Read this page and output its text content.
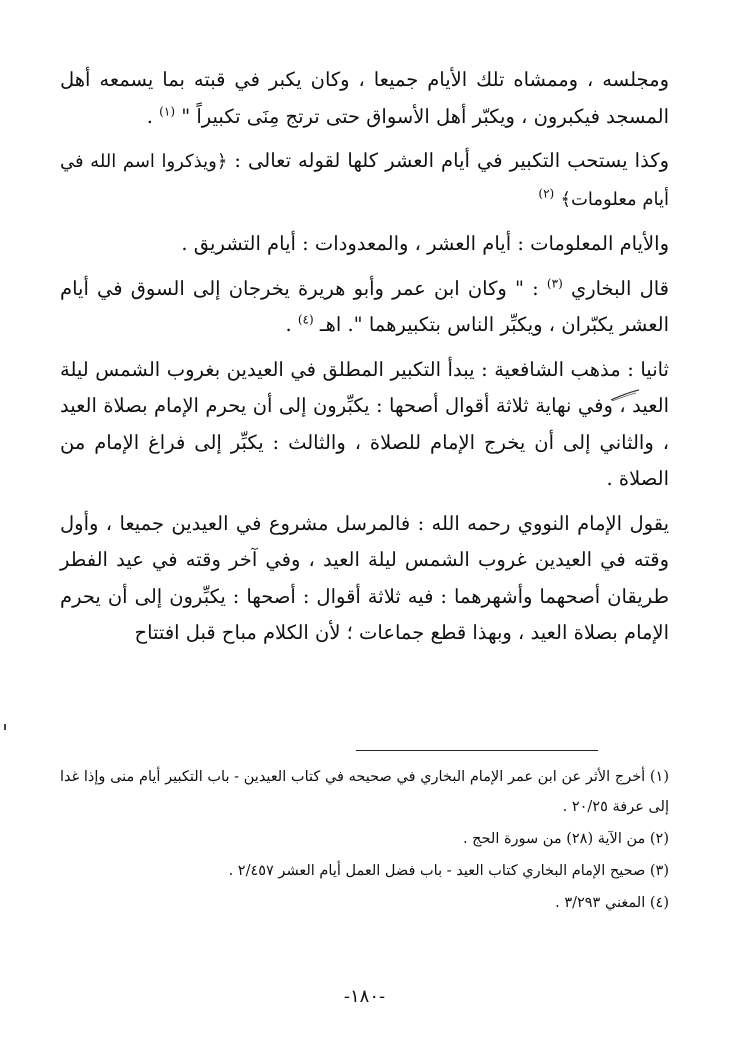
ومجلسه ، وممشاه تلك الأيام جميعا ، وكان يكبر في قبته بما يسمعه أهل المسجد فيكبرون ، ويكبّر أهل الأسواق حتى ترتج مِنَى تكبيراً " $^{(١)}$ .

وكذا يستحب التكبير في أيام العشر كلها لقوله تعالى : ﴿ويذكروا اسم الله في أيام معلومات﴾ $^{(٢)}$

والأيام المعلومات : أيام العشر ، والمعدودات : أيام التشريق .

قال البخاري $^{(٣)}$ : " وكان ابن عمر وأبو هريرة يخرجان إلى السوق في أيام العشر يكبّران ، ويكبِّر الناس بتكبيرهما ". اهـ $^{(٤)}$ .

ثانيا : مذهب الشافعية : يبدأ التكبير المطلق في العيدين بغروب الشمس ليلة العيد ، وفي نهاية ثلاثة أقوال أصحها : يكبِّرون إلى أن يحرم الإمام بصلاة العيد ، والثاني إلى أن يخرج الإمام للصلاة ، والثالث : يكبِّر إلى فراغ الإمام من الصلاة .

يقول الإمام النووي رحمه الله : فالمرسل مشروع في العيدين جميعا ، وأول وقته في العيدين غروب الشمس ليلة العيد ، وفي آخر وقته في عيد الفطر طريقان أصحهما وأشهرهما : فيه ثلاثة أقوال : أصحها : يكبِّرون إلى أن يحرم الإمام بصلاة العيد ، وبهذا قطع جماعات ؛ لأن الكلام مباح قبل افتتاح

(١) أخرج الأثر عن ابن عمر الإمام البخاري في صحيحه في كتاب العيدين - باب التكبير أيام منى وإذا غدا إلى عرفة ٢٠/٢٥ .

(٢) من الآية (٢٨) من سورة الحج .

(٣) صحيح الإمام البخاري كتاب العيد - باب فضل العمل أيام العشر ٢/٤٥٧ .

(٤) المغني ٣/٢٩٣ .

-١٨٠-
